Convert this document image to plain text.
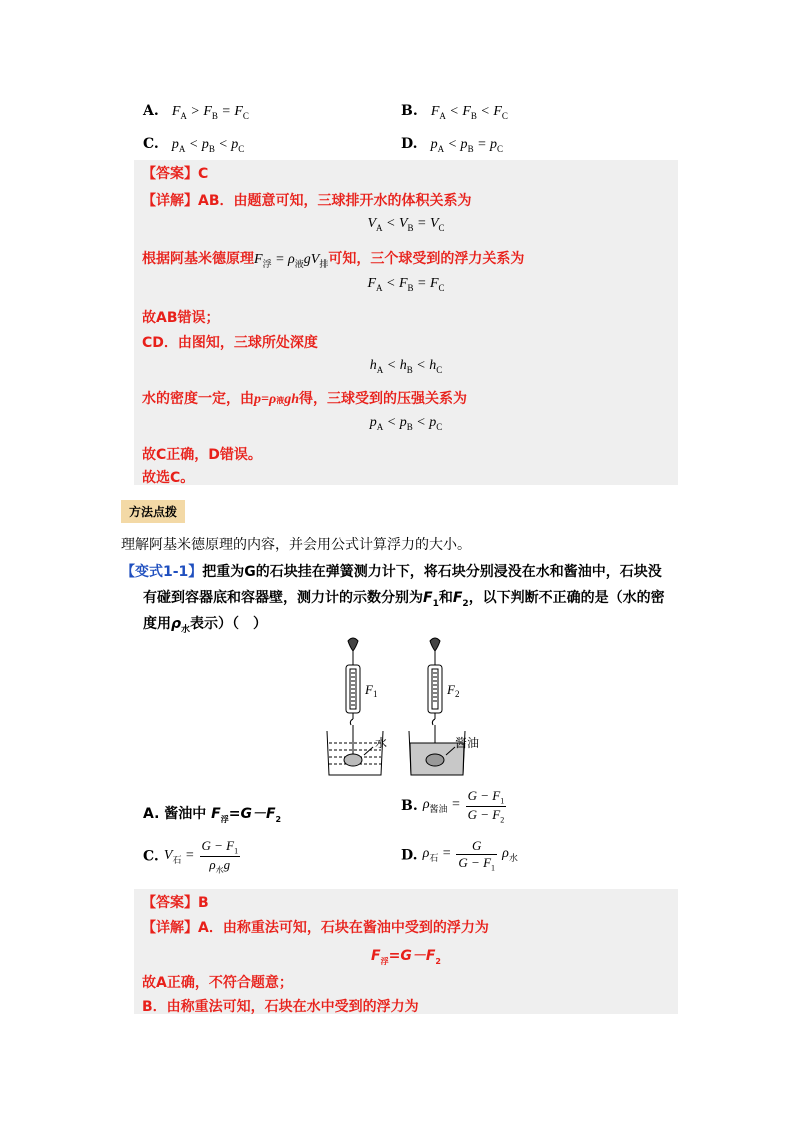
A. $F_A > F_B = F_C$	B. $F_A < F_B < F_C$
C. $p_A < p_B < p_C$	D. $p_A < p_B = p_C$
【答案】C
【详解】AB．由题意可知，三球排开水的体积关系为
$V_A < V_B = V_C$
根据阿基米德原理$F_浮 = \rho_液gV_排$可知，三个球受到的浮力关系为
$F_A < F_B = F_C$
故AB错误；
CD．由图知，三球所处深度
$h_A < h_B < h_C$
水的密度一定，由p=ρ液gh得，三球受到的压强关系为
$p_A < p_B < p_C$
故C正确，D错误。
故选C。
方法点拨
理解阿基米德原理的内容，并会用公式计算浮力的大小。
【变式1-1】把重为G的石块挂在弹簧测力计下，将石块分别浸没在水和酱油中，石块没
有碰到容器底和容器壁，测力计的示数分别为$F_1$和$F_2$，以下判断不正确的是（水的密
度用$\rho_水$表示）（　）
$F_1$
水
$F_2$
酱油
A. 酱油中 $F_浮=G-F_2$
B. $\rho_{酱油} = \frac{G - F_1}{G - F_2}$
C. $V_石 = \frac{G - F_1}{\rho_水g}$	D. $\rho_石 = \frac{G}{G - F_1} \rho_水$
【答案】B
【详解】A．由称重法可知，石块在酱油中受到的浮力为
$F_浮=G-F_2$
故A正确，不符合题意；
B．由称重法可知，石块在水中受到的浮力为
